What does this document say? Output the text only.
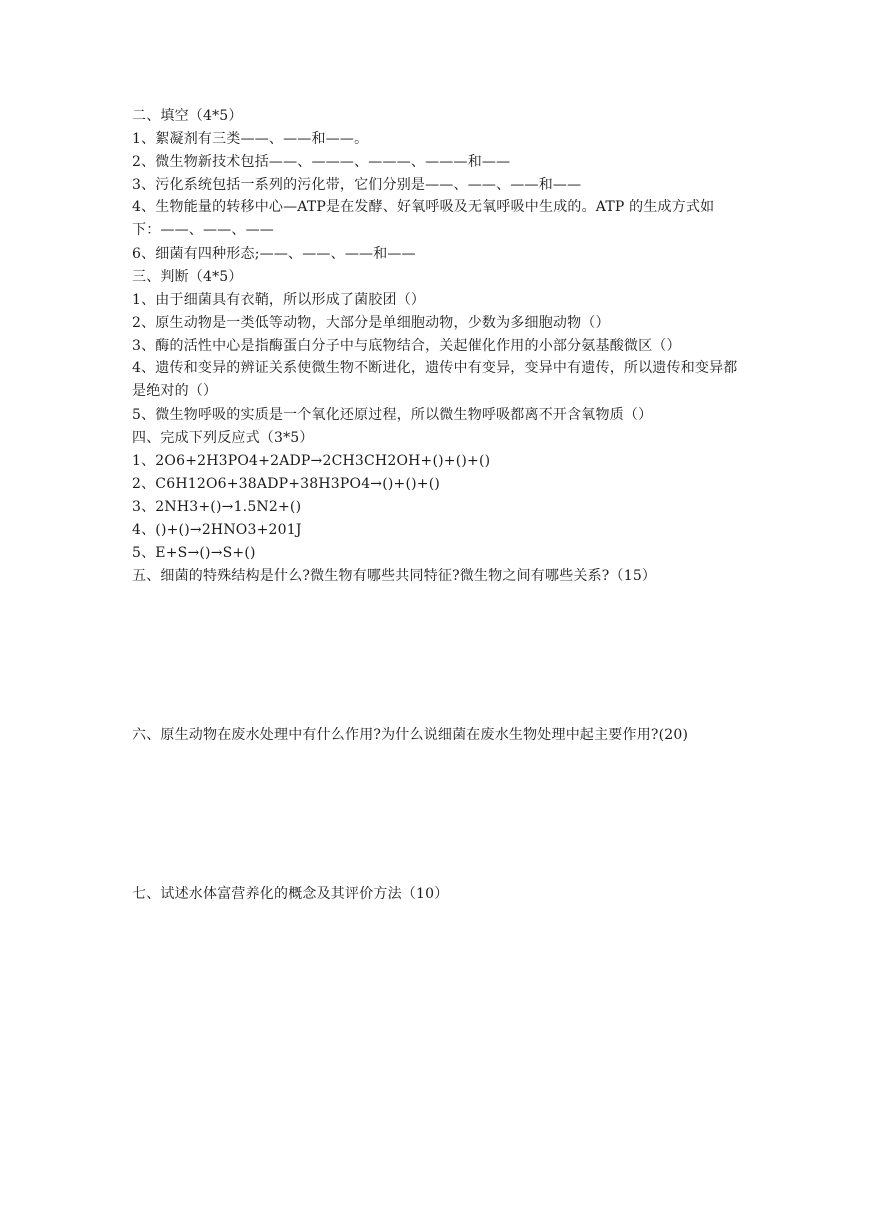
二、填空（4*5）
1、絮凝剂有三类——、——和——。
2、微生物新技术包括——、———、———、———和——
3、污化系统包括一系列的污化带，它们分别是——、——、——和——
4、生物能量的转移中心—ATP是在发酵、好氧呼吸及无氧呼吸中生成的。ATP 的生成方式如下：——、——、——
6、细菌有四种形态;——、——、——和——
三、判断（4*5）
1、由于细菌具有衣鞘，所以形成了菌胶团（）
2、原生动物是一类低等动物，大部分是单细胞动物，少数为多细胞动物（）
3、酶的活性中心是指酶蛋白分子中与底物结合，关起催化作用的小部分氨基酸微区（）
4、遗传和变异的辨证关系使微生物不断进化，遗传中有变异，变异中有遗传，所以遗传和变异都是绝对的（）
5、微生物呼吸的实质是一个氧化还原过程，所以微生物呼吸都离不开含氧物质（）
四、完成下列反应式（3*5）
1、2O6+2H3PO4+2ADP→2CH3CH2OH+()+()+()
2、C6H12O6+38ADP+38H3PO4→()+()+()
3、2NH3+()→1.5N2+()
4、()+()→2HNO3+201J
5、E+S→()→S+()
五、细菌的特殊结构是什么?微生物有哪些共同特征?微生物之间有哪些关系?（15）
六、原生动物在废水处理中有什么作用?为什么说细菌在废水生物处理中起主要作用?(20)
七、试述水体富营养化的概念及其评价方法（10）
